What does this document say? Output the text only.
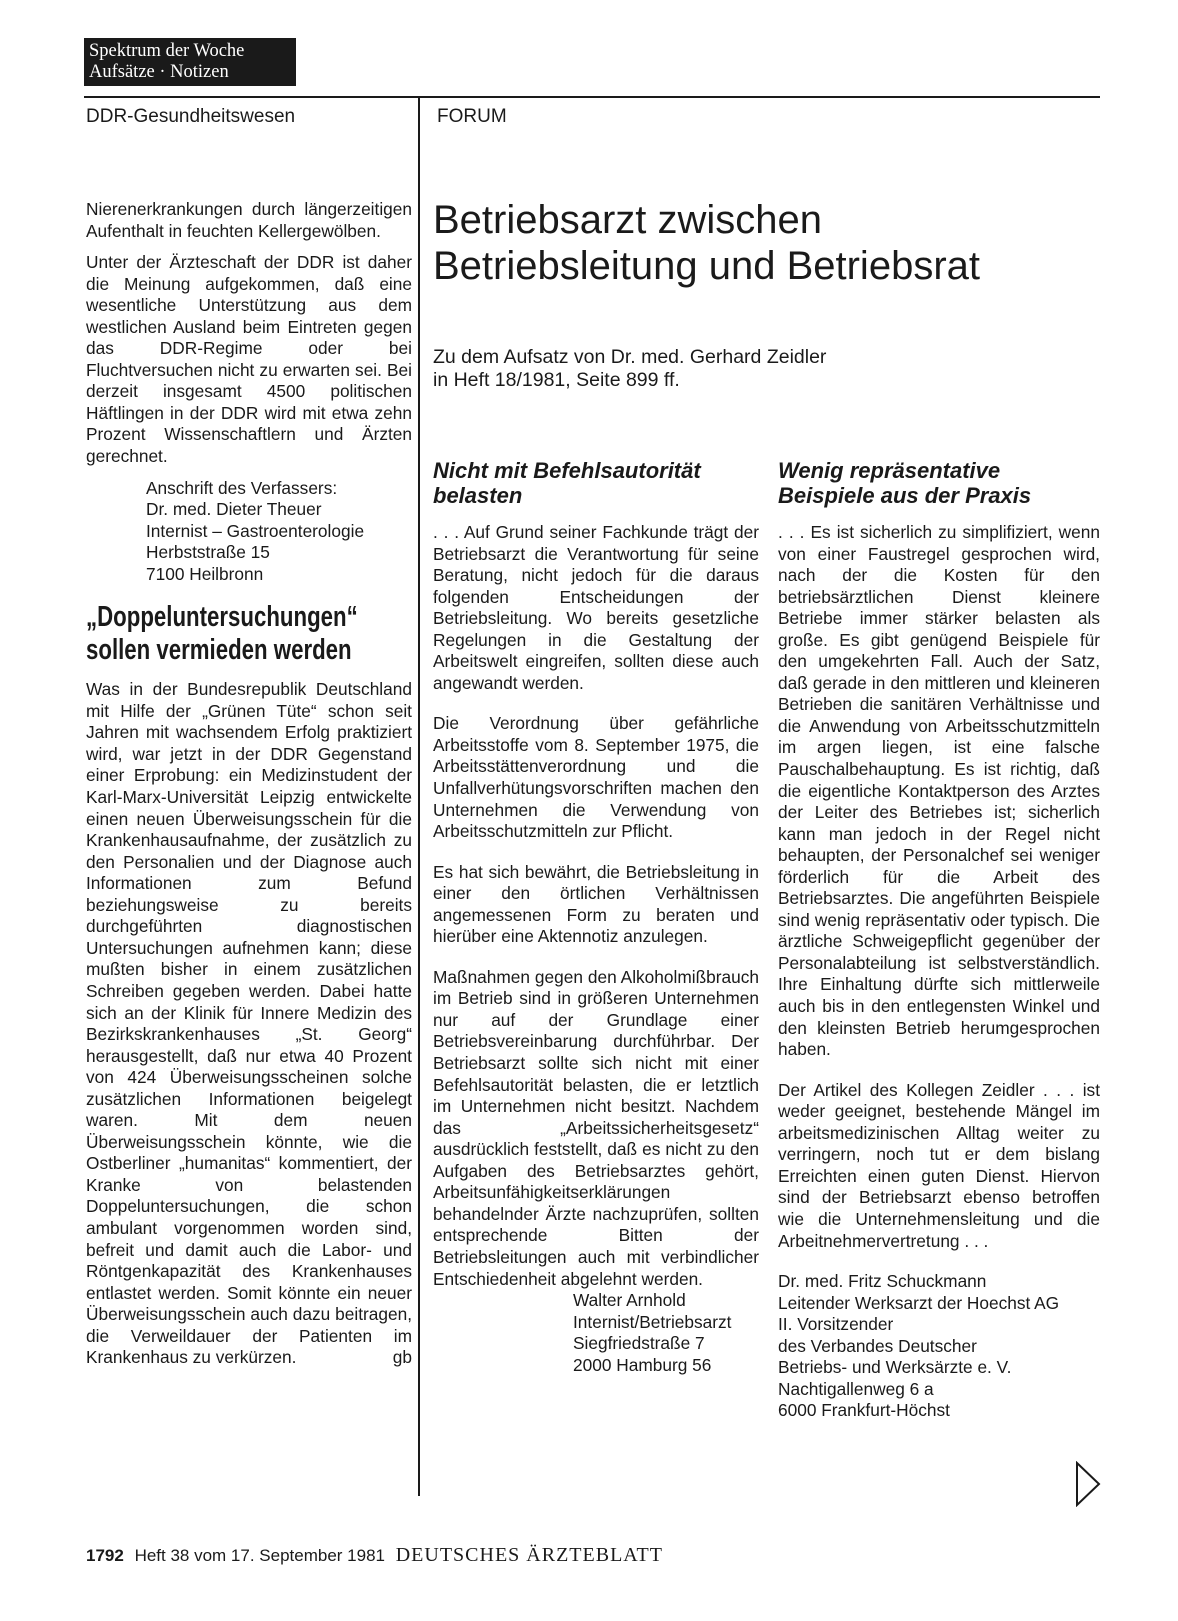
Spektrum der Woche
Aufsätze · Notizen
DDR-Gesundheitswesen	FORUM

Nierenerkrankungen durch längerzeitigen Aufenthalt in feuchten Kellergewölben.

Unter der Ärzteschaft der DDR ist daher die Meinung aufgekommen, daß eine wesentliche Unterstützung aus dem westlichen Ausland beim Eintreten gegen das DDR-Regime oder bei Fluchtversuchen nicht zu erwarten sei. Bei derzeit insgesamt 4500 politischen Häftlingen in der DDR wird mit etwa zehn Prozent Wissenschaftlern und Ärzten gerechnet.

Anschrift des Verfassers:
Dr. med. Dieter Theuer
Internist – Gastroenterologie
Herbststraße 15
7100 Heilbronn
„Doppeluntersuchungen“
sollen vermieden werden

Was in der Bundesrepublik Deutschland mit Hilfe der „Grünen Tüte“ schon seit Jahren mit wachsendem Erfolg praktiziert wird, war jetzt in der DDR Gegenstand einer Erprobung: ein Medizinstudent der Karl-Marx-Universität Leipzig entwickelte einen neuen Überweisungsschein für die Krankenhausaufnahme, der zusätzlich zu den Personalien und der Diagnose auch Informationen zum Befund beziehungsweise zu bereits durchgeführten diagnostischen Untersuchungen aufnehmen kann; diese mußten bisher in einem zusätzlichen Schreiben gegeben werden. Dabei hatte sich an der Klinik für Innere Medizin des Bezirkskrankenhauses „St. Georg“ herausgestellt, daß nur etwa 40 Prozent von 424 Überweisungsscheinen solche zusätzlichen Informationen beigelegt waren. Mit dem neuen Überweisungsschein könnte, wie die Ostberliner „humanitas“ kommentiert, der Kranke von belastenden Doppeluntersuchungen, die schon ambulant vorgenommen worden sind, befreit und damit auch die Labor- und Röntgenkapazität des Krankenhauses entlastet werden. Somit könnte ein neuer Überweisungsschein auch dazu beitragen, die Verweildauer der Patienten im Krankenhaus zu verkürzen.	gb

Betriebsarzt zwischen
Betriebsleitung und Betriebsrat
Zu dem Aufsatz von Dr. med. Gerhard Zeidler
in Heft 18/1981, Seite 899 ff.
Nicht mit Befehlsautorität
belasten

. . . Auf Grund seiner Fachkunde trägt der Betriebsarzt die Verantwortung für seine Beratung, nicht jedoch für die daraus folgenden Entscheidungen der Betriebsleitung. Wo bereits gesetzliche Regelungen in die Gestaltung der Arbeitswelt eingreifen, sollten diese auch angewandt werden.

Die Verordnung über gefährliche Arbeitsstoffe vom 8. September 1975, die Arbeitsstättenverordnung und die Unfallverhütungsvorschriften machen den Unternehmen die Verwendung von Arbeitsschutzmitteln zur Pflicht.

Es hat sich bewährt, die Betriebsleitung in einer den örtlichen Verhältnissen angemessenen Form zu beraten und hierüber eine Aktennotiz anzulegen.

Maßnahmen gegen den Alkoholmißbrauch im Betrieb sind in größeren Unternehmen nur auf der Grundlage einer Betriebsvereinbarung durchführbar. Der Betriebsarzt sollte sich nicht mit einer Befehlsautorität belasten, die er letztlich im Unternehmen nicht besitzt. Nachdem das „Arbeitssicherheitsgesetz“ ausdrücklich feststellt, daß es nicht zu den Aufgaben des Betriebsarztes gehört, Arbeitsunfähigkeitserklärungen behandelnder Ärzte nachzuprüfen, sollten entsprechende Bitten der Betriebsleitungen auch mit verbindlicher Entschiedenheit abgelehnt werden.

Walter Arnhold
Internist/Betriebsarzt
Siegfriedstraße 7
2000 Hamburg 56
Wenig repräsentative
Beispiele aus der Praxis

. . . Es ist sicherlich zu simplifiziert, wenn von einer Faustregel gesprochen wird, nach der die Kosten für den betriebsärztlichen Dienst kleinere Betriebe immer stärker belasten als große. Es gibt genügend Beispiele für den umgekehrten Fall. Auch der Satz, daß gerade in den mittleren und kleineren Betrieben die sanitären Verhältnisse und die Anwendung von Arbeitsschutzmitteln im argen liegen, ist eine falsche Pauschalbehauptung. Es ist richtig, daß die eigentliche Kontaktperson des Arztes der Leiter des Betriebes ist; sicherlich kann man jedoch in der Regel nicht behaupten, der Personalchef sei weniger förderlich für die Arbeit des Betriebsarztes. Die angeführten Beispiele sind wenig repräsentativ oder typisch. Die ärztliche Schweigepflicht gegenüber der Personalabteilung ist selbstverständlich. Ihre Einhaltung dürfte sich mittlerweile auch bis in den entlegensten Winkel und den kleinsten Betrieb herumgesprochen haben.

Der Artikel des Kollegen Zeidler . . . ist weder geeignet, bestehende Mängel im arbeitsmedizinischen Alltag weiter zu verringern, noch tut er dem bislang Erreichten einen guten Dienst. Hiervon sind der Betriebsarzt ebenso betroffen wie die Unternehmensleitung und die Arbeitnehmervertretung . . .

Dr. med. Fritz Schuckmann
Leitender Werksarzt der Hoechst AG
II. Vorsitzender
des Verbandes Deutscher
Betriebs- und Werksärzte e. V.
Nachtigallenweg 6 a
6000 Frankfurt-Höchst
1792 Heft 38 vom 17. September 1981 DEUTSCHES ÄRZTEBLATT
